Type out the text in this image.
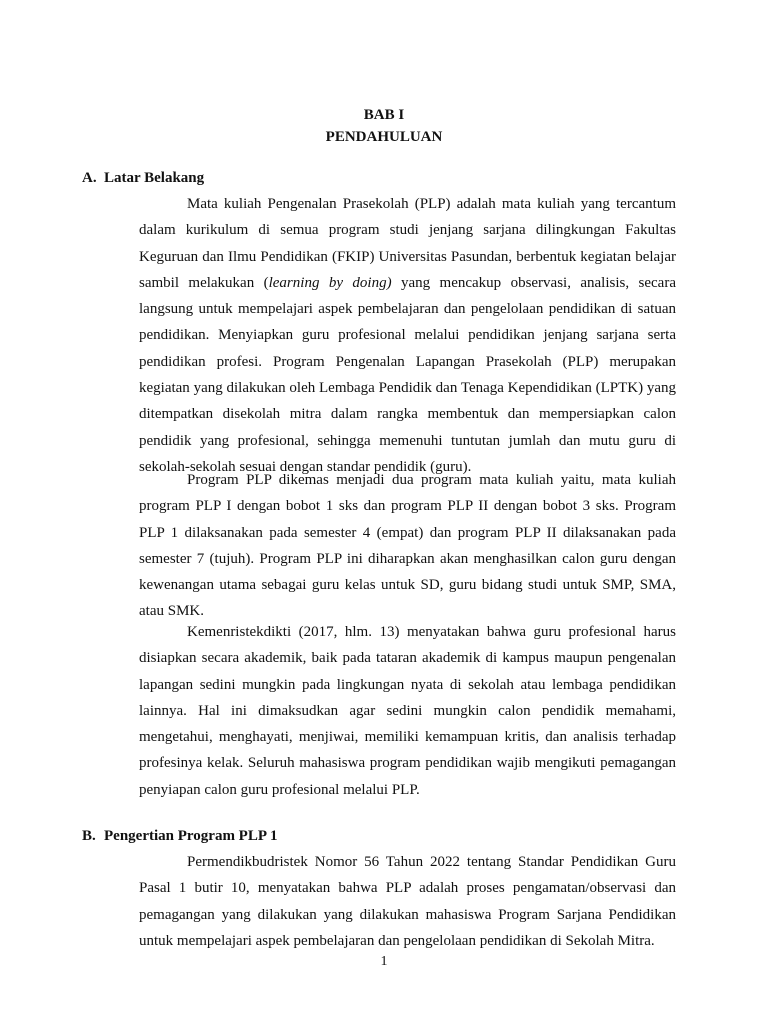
BAB I
PENDAHULUAN
A. Latar Belakang

Mata kuliah Pengenalan Prasekolah (PLP) adalah mata kuliah yang tercantum dalam kurikulum di semua program studi jenjang sarjana dilingkungan Fakultas Keguruan dan Ilmu Pendidikan (FKIP) Universitas Pasundan, berbentuk kegiatan belajar sambil melakukan (learning by doing) yang mencakup observasi, analisis, secara langsung untuk mempelajari aspek pembelajaran dan pengelolaan pendidikan di satuan pendidikan. Menyiapkan guru profesional melalui pendidikan jenjang sarjana serta pendidikan profesi. Program Pengenalan Lapangan Prasekolah (PLP) merupakan kegiatan yang dilakukan oleh Lembaga Pendidik dan Tenaga Kependidikan (LPTK) yang ditempatkan disekolah mitra dalam rangka membentuk dan mempersiapkan calon pendidik yang profesional, sehingga memenuhi tuntutan jumlah dan mutu guru di sekolah-sekolah sesuai dengan standar pendidik (guru).

Program PLP dikemas menjadi dua program mata kuliah yaitu, mata kuliah program PLP I dengan bobot 1 sks dan program PLP II dengan bobot 3 sks. Program PLP 1 dilaksanakan pada semester 4 (empat) dan program PLP II dilaksanakan pada semester 7 (tujuh). Program PLP ini diharapkan akan menghasilkan calon guru dengan kewenangan utama sebagai guru kelas untuk SD, guru bidang studi untuk SMP, SMA, atau SMK.

Kemenristekdikti (2017, hlm. 13) menyatakan bahwa guru profesional harus disiapkan secara akademik, baik pada tataran akademik di kampus maupun pengenalan lapangan sedini mungkin pada lingkungan nyata di sekolah atau lembaga pendidikan lainnya. Hal ini dimaksudkan agar sedini mungkin calon pendidik memahami, mengetahui, menghayati, menjiwai, memiliki kemampuan kritis, dan analisis terhadap profesinya kelak. Seluruh mahasiswa program pendidikan wajib mengikuti pemagangan penyiapan calon guru profesional melalui PLP.

B. Pengertian Program PLP 1

Permendikbudristek Nomor 56 Tahun 2022 tentang Standar Pendidikan Guru Pasal 1 butir 10, menyatakan bahwa PLP adalah proses pengamatan/observasi dan pemagangan yang dilakukan yang dilakukan mahasiswa Program Sarjana Pendidikan untuk mempelajari aspek pembelajaran dan pengelolaan pendidikan di Sekolah Mitra.

1
